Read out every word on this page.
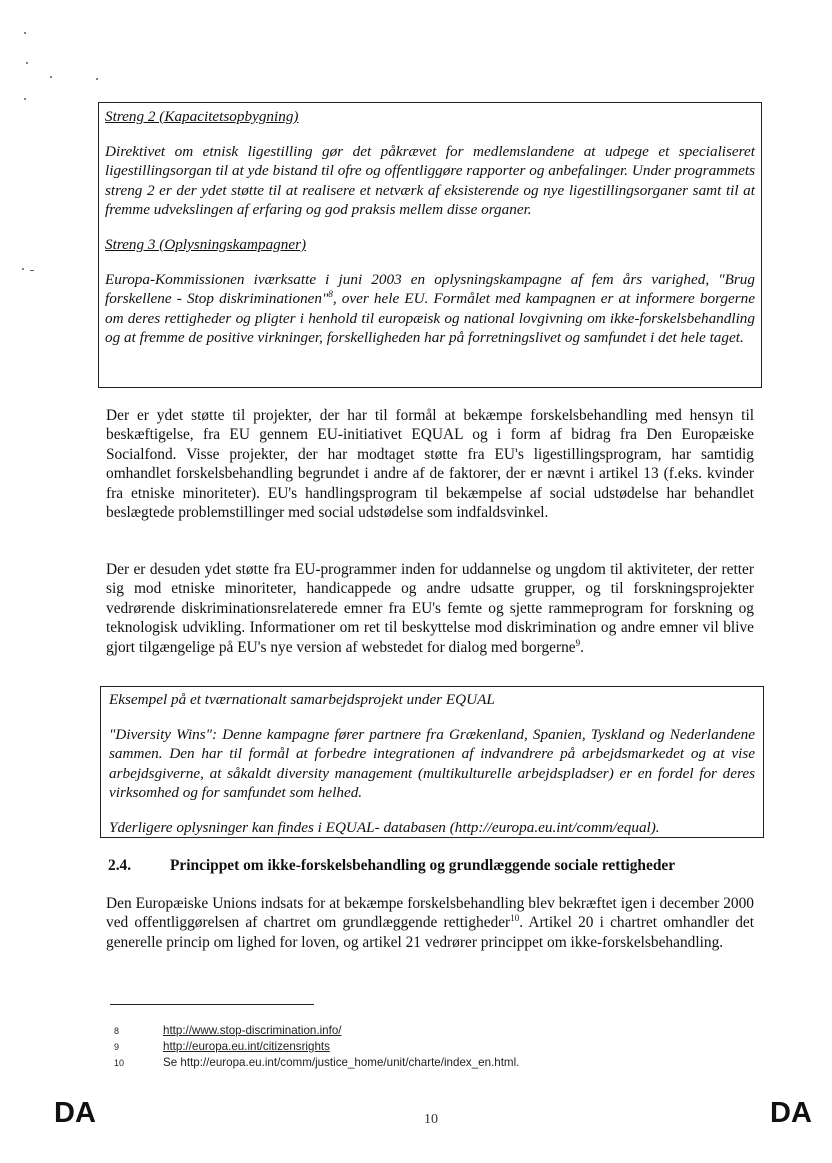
Streng 2 (Kapacitetsopbygning)

Direktivet om etnisk ligestilling gør det påkrævet for medlemslandene at udpege et specialiseret ligestillingsorgan til at yde bistand til ofre og offentliggøre rapporter og anbefalinger. Under programmets streng 2 er der ydet støtte til at realisere et netværk af eksisterende og nye ligestillingsorganer samt til at fremme udvekslingen af erfaring og god praksis mellem disse organer.

Streng 3 (Oplysningskampagner)

Europa-Kommissionen iværksatte i juni 2003 en oplysningskampagne af fem års varighed, "Brug forskellene - Stop diskriminationen"$^8$, over hele EU. Formålet med kampagnen er at informere borgerne om deres rettigheder og pligter i henhold til europæisk og national lovgivning om ikke-forskelsbehandling og at fremme de positive virkninger, forskelligheden har på forretningslivet og samfundet i det hele taget.

Der er ydet støtte til projekter, der har til formål at bekæmpe forskelsbehandling med hensyn til beskæftigelse, fra EU gennem EU-initiativet EQUAL og i form af bidrag fra Den Europæiske Socialfond. Visse projekter, der har modtaget støtte fra EU's ligestillingsprogram, har samtidig omhandlet forskelsbehandling begrundet i andre af de faktorer, der er nævnt i artikel 13 (f.eks. kvinder fra etniske minoriteter). EU's handlingsprogram til bekæmpelse af social udstødelse har behandlet beslægtede problemstillinger med social udstødelse som indfaldsvinkel.

Der er desuden ydet støtte fra EU-programmer inden for uddannelse og ungdom til aktiviteter, der retter sig mod etniske minoriteter, handicappede og andre udsatte grupper, og til forskningsprojekter vedrørende diskriminationsrelaterede emner fra EU's femte og sjette rammeprogram for forskning og teknologisk udvikling. Informationer om ret til beskyttelse mod diskrimination og andre emner vil blive gjort tilgængelige på EU's nye version af webstedet for dialog med borgerne$^9$.

Eksempel på et tværnationalt samarbejdsprojekt under EQUAL

"Diversity Wins": Denne kampagne fører partnere fra Grækenland, Spanien, Tyskland og Nederlandene sammen. Den har til formål at forbedre integrationen af indvandrere på arbejdsmarkedet og at vise arbejdsgiverne, at såkaldt diversity management (multikulturelle arbejdspladser) er en fordel for deres virksomhed og for samfundet som helhed.

Yderligere oplysninger kan findes i EQUAL- databasen (http://europa.eu.int/comm/equal).

2.4.	Princippet om ikke-forskelsbehandling og grundlæggende sociale rettigheder

Den Europæiske Unions indsats for at bekæmpe forskelsbehandling blev bekræftet igen i december 2000 ved offentliggørelsen af chartret om grundlæggende rettigheder$^{10}$. Artikel 20 i chartret omhandler det generelle princip om lighed for loven, og artikel 21 vedrører princippet om ikke-forskelsbehandling.

8	http://www.stop-discrimination.info/
9	http://europa.eu.int/citizensrights
10	Se http://europa.eu.int/comm/justice_home/unit/charte/index_en.html.
DA	10	DA
